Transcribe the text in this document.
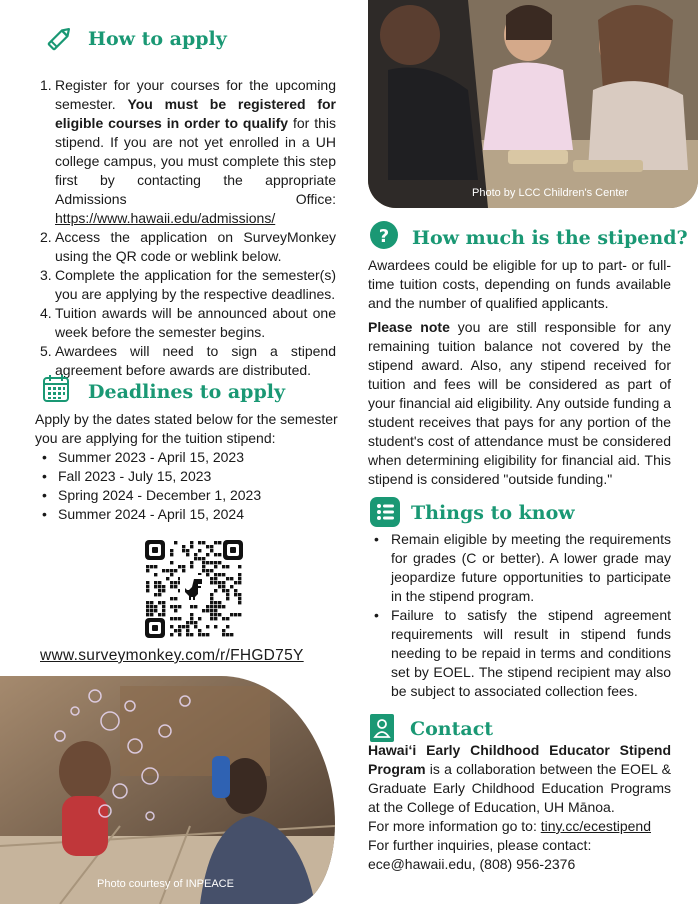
How to apply
1. Register for your courses for the upcoming semester. You must be registered for eligible courses in order to qualify for this stipend. If you are not yet enrolled in a UH college campus, you must complete this step first by contacting the appropriate Admissions Office: https://www.hawaii.edu/admissions/
2. Access the application on SurveyMonkey using the QR code or weblink below.
3. Complete the application for the semester(s) you are applying by the respective deadlines.
4. Tuition awards will be announced about one week before the semester begins.
5. Awardees will need to sign a stipend agreement before awards are distributed.
Deadlines to apply

Apply by the dates stated below for the semester you are applying for the tuition stipend:

• Summer 2023 - April 15, 2023
• Fall 2023 - July 15, 2023
• Spring 2024 - December 1, 2023
• Summer 2024 - April 15, 2024
www.surveymonkey.com/r/FHGD75Y
Photo courtesy of INPEACE
Photo by LCC Children's Center
? How much is the stipend?

Awardees could be eligible for up to part- or full-time tuition costs, depending on funds available and the number of qualified applicants.

Please note you are still responsible for any remaining tuition balance not covered by the stipend award. Also, any stipend received for tuition and fees will be considered as part of your financial aid eligibility. Any outside funding a student receives that pays for any portion of the student's cost of attendance must be considered when determining eligibility for financial aid. This stipend is considered "outside funding."

Things to know
• Remain eligible by meeting the requirements for grades (C or better). A lower grade may jeopardize future opportunities to participate in the stipend program.
• Failure to satisfy the stipend agreement requirements will result in stipend funds needing to be repaid in terms and conditions set by EOEL. The stipend recipient may also be subject to associated collection fees.
Contact

Hawai‘i Early Childhood Educator Stipend Program is a collaboration between the EOEL & Graduate Early Childhood Education Programs at the College of Education, UH Mānoa.

For more information go to: tiny.cc/ecestipend

For further inquiries, please contact:

ece@hawaii.edu, (808) 956-2376
